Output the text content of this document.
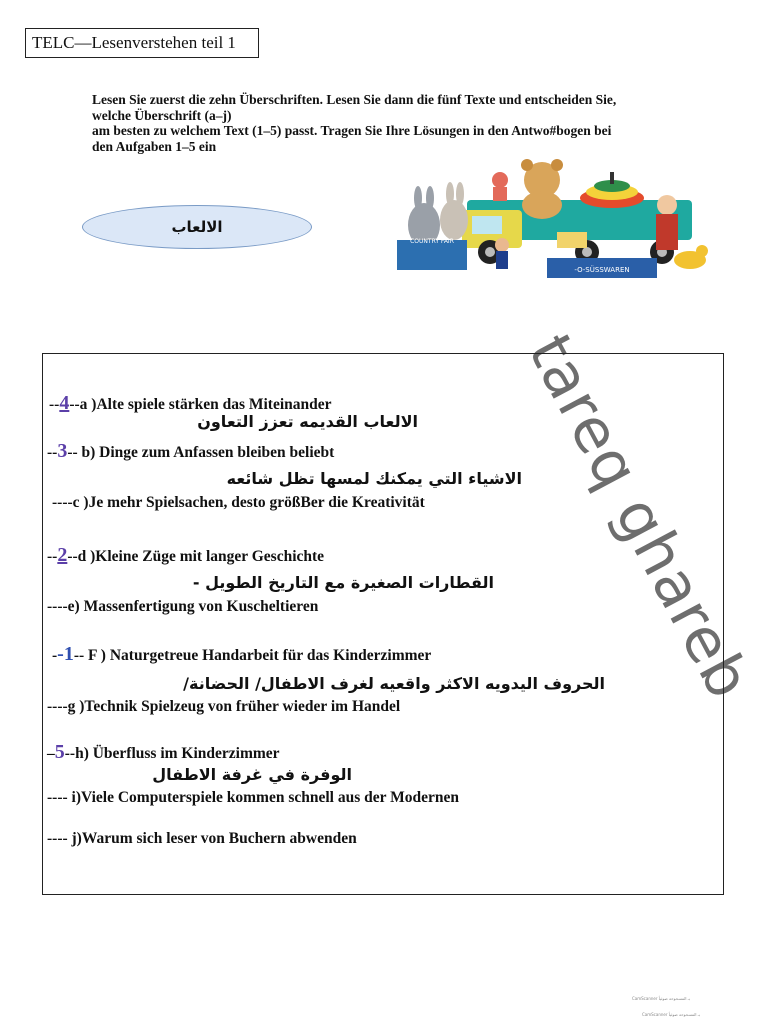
TELC—Lesenverstehen teil 1
Lesen Sie zuerst die zehn Überschriften. Lesen Sie dann die fünf Texte und entscheiden Sie,
welche Überschrift (a–j)
am besten zu welchem Text (1–5) passt. Tragen Sie Ihre Lösungen in den Antwo#bogen bei
den Aufgaben 1–5 ein
الالعاب
COUNTRY FAIR
-O-SÜSSWAREN
tareq ghareb
--4--a )Alte spiele stärken das Miteinander
الالعاب القديمه تعزز التعاون
--3-- b) Dinge zum Anfassen bleiben beliebt
الاشياء التي يمكنك لمسها تظل شائعه
----c )Je mehr Spielsachen, desto größBer die Kreativität
--2--d )Kleine Züge mit langer Geschichte
القطارات الصغيرة مع التاريخ الطويل -
----e) Massenfertigung von Kuscheltieren
--1-- F ) Naturgetreue Handarbeit für das Kinderzimmer
الحروف اليدويه الاكثر واقعيه لغرف الاطفال/ الحضانة/
----g )Technik Spielzeug von früher wieder im Handel
–5--h) Überfluss im Kinderzimmer
الوفرة في غرفة الاطفال
---- i)Viele Computerspiele kommen schnell aus der Modernen
---- j)Warum sich leser von Buchern abwenden
CamScanner بـ المسحوحة ضوئياً
CamScanner بـ المسحوحة ضوئياً
